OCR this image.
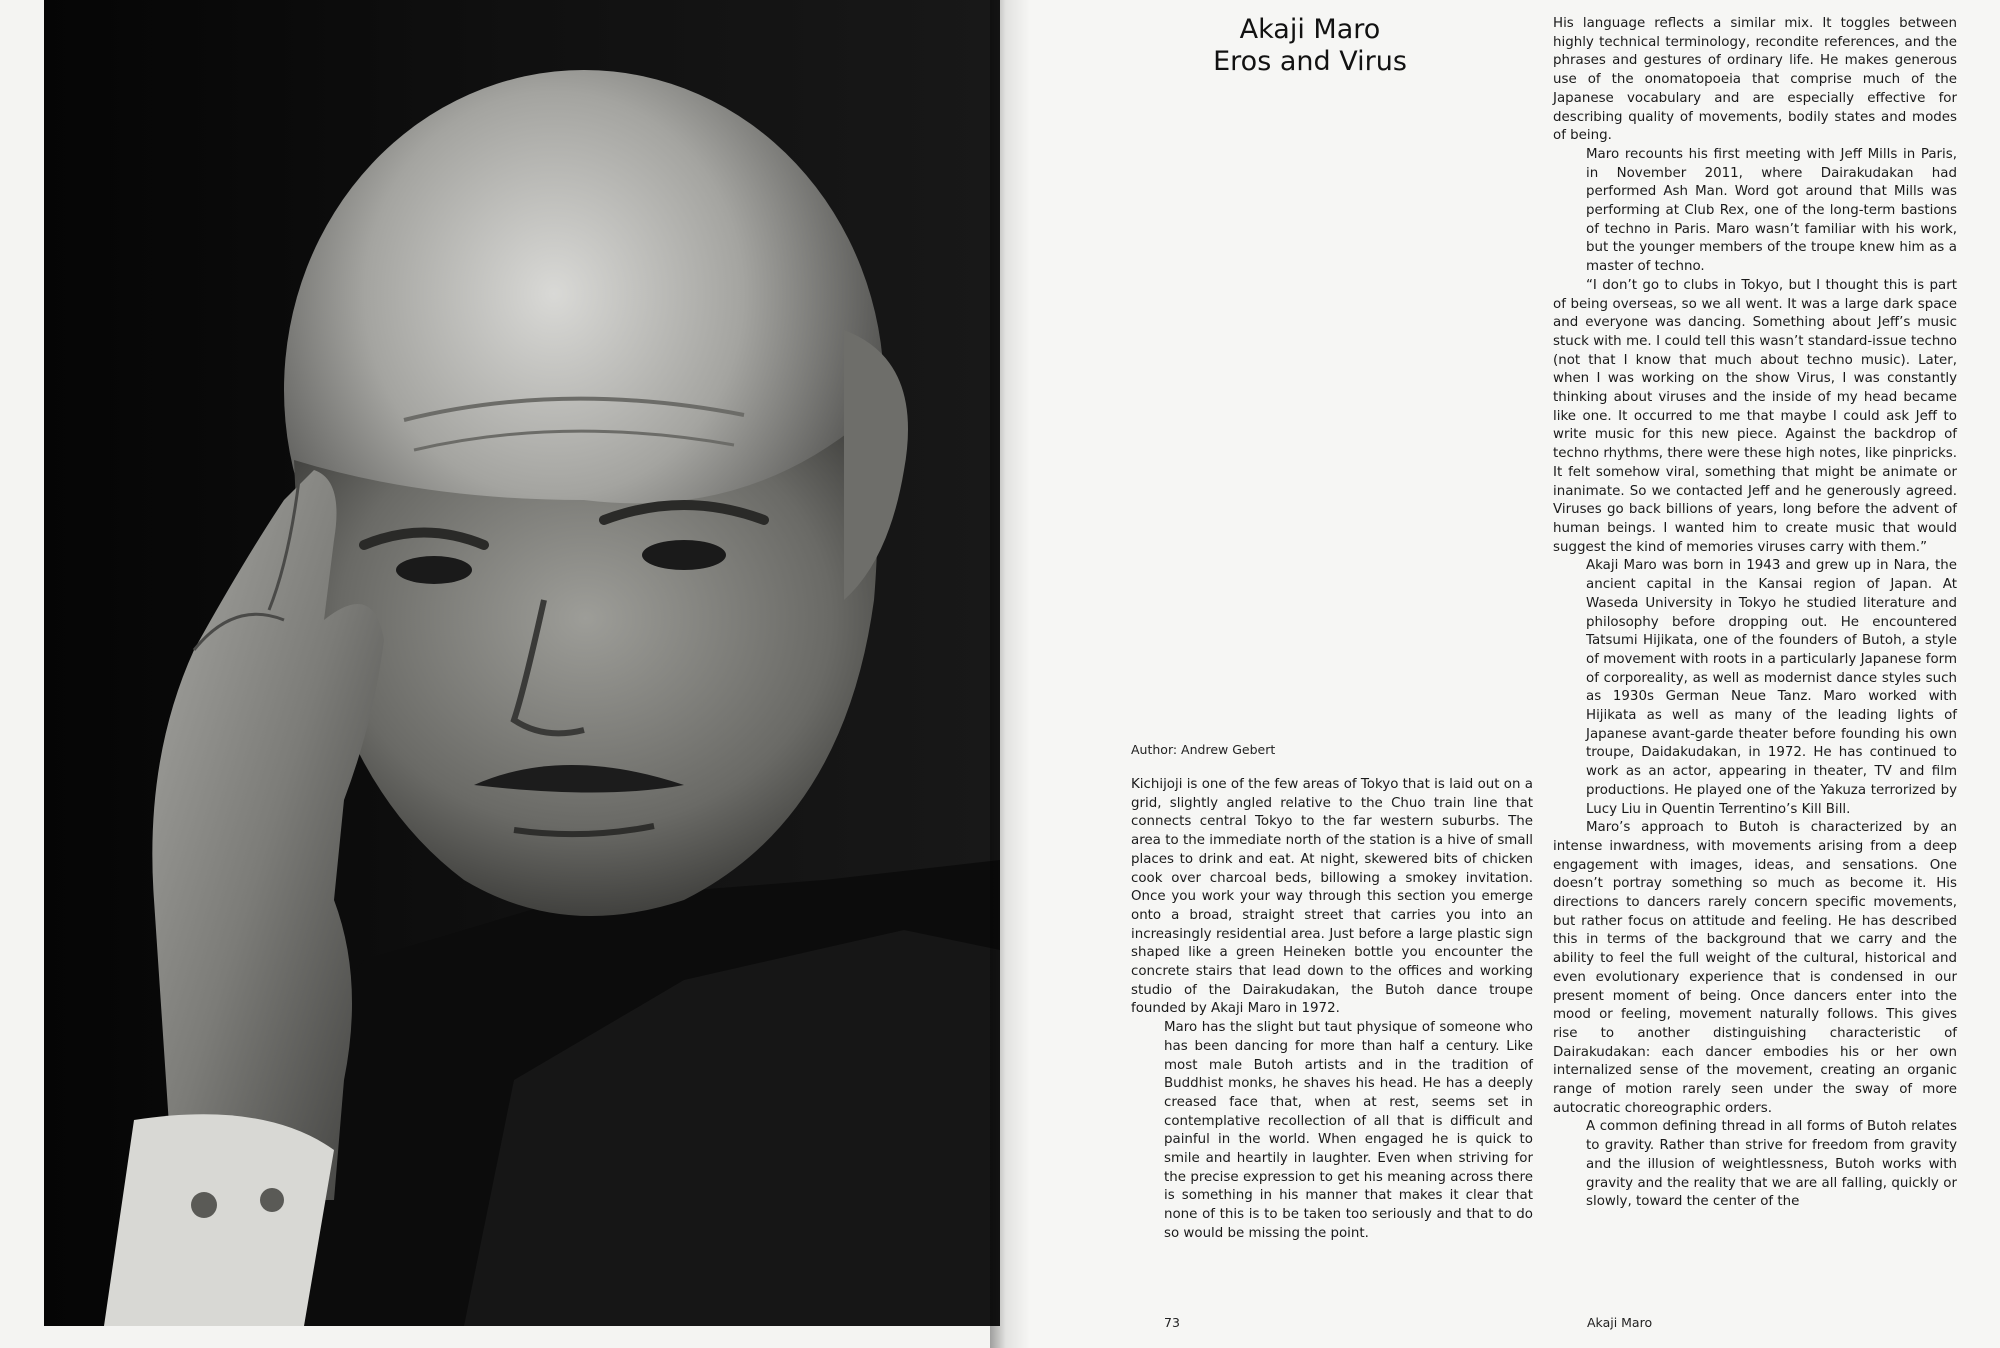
Akaji Maro
Eros and Virus
Author: Andrew Gebert

Kichijoji is one of the few areas of Tokyo that is laid out on a grid, slightly angled relative to the Chuo train line that connects central Tokyo to the far western suburbs. The area to the immediate north of the station is a hive of small places to drink and eat. At night, skewered bits of chicken cook over charcoal beds, billowing a smokey invitation. Once you work your way through this section you emerge onto a broad, straight street that carries you into an increasingly residential area. Just before a large plastic sign shaped like a green Heineken bottle you encounter the concrete stairs that lead down to the offices and working studio of the Dairakudakan, the Butoh dance troupe founded by Akaji Maro in 1972.

Maro has the slight but taut physique of someone who has been dancing for more than half a century. Like most male Butoh artists and in the tradition of Buddhist monks, he shaves his head. He has a deeply creased face that, when at rest, seems set in contemplative recollection of all that is difficult and painful in the world. When engaged he is quick to smile and heartily in laughter. Even when striving for the precise expression to get his meaning across there is something in his manner that makes it clear that none of this is to be taken too seriously and that to do so would be missing the point.

His language reflects a similar mix. It toggles between highly technical terminology, recondite references, and the phrases and gestures of ordinary life. He makes generous use of the onomatopoeia that comprise much of the Japanese vocabulary and are especially effective for describing quality of movements, bodily states and modes of being.

Maro recounts his first meeting with Jeff Mills in Paris, in November 2011, where Dairakudakan had performed Ash Man. Word got around that Mills was performing at Club Rex, one of the long-term bastions of techno in Paris. Maro wasn’t familiar with his work, but the younger members of the troupe knew him as a master of techno.

“I don’t go to clubs in Tokyo, but I thought this is part of being overseas, so we all went. It was a large dark space and everyone was dancing. Something about Jeff’s music stuck with me. I could tell this wasn’t standard-issue techno (not that I know that much about techno music). Later, when I was working on the show Virus, I was constantly thinking about viruses and the inside of my head became like one. It occurred to me that maybe I could ask Jeff to write music for this new piece. Against the backdrop of techno rhythms, there were these high notes, like pinpricks. It felt somehow viral, something that might be animate or inanimate. So we contacted Jeff and he generously agreed. Viruses go back billions of years, long before the advent of human beings. I wanted him to create music that would suggest the kind of memories viruses carry with them.”

Akaji Maro was born in 1943 and grew up in Nara, the ancient capital in the Kansai region of Japan. At Waseda University in Tokyo he studied literature and philosophy before dropping out. He encountered Tatsumi Hijikata, one of the founders of Butoh, a style of movement with roots in a particularly Japanese form of corporeality, as well as modernist dance styles such as 1930s German Neue Tanz. Maro worked with Hijikata as well as many of the leading lights of Japanese avant-garde theater before founding his own troupe, Daidakudakan, in 1972. He has continued to work as an actor, appearing in theater, TV and film productions. He played one of the Yakuza terrorized by Lucy Liu in Quentin Terrentino’s Kill Bill.

Maro’s approach to Butoh is characterized by an intense inwardness, with movements arising from a deep engagement with images, ideas, and sensations. One doesn’t portray something so much as become it. His directions to dancers rarely concern specific movements, but rather focus on attitude and feeling. He has described this in terms of the background that we carry and the ability to feel the full weight of the cultural, historical and even evolutionary experience that is condensed in our present moment of being. Once dancers enter into the mood or feeling, movement naturally follows. This gives rise to another distinguishing characteristic of Dairakudakan: each dancer embodies his or her own internalized sense of the movement, creating an organic range of motion rarely seen under the sway of more autocratic choreographic orders.

A common defining thread in all forms of Butoh relates to gravity. Rather than strive for freedom from gravity and the illusion of weightlessness, Butoh works with gravity and the reality that we are all falling, quickly or slowly, toward the center of the

73	Akaji Maro
